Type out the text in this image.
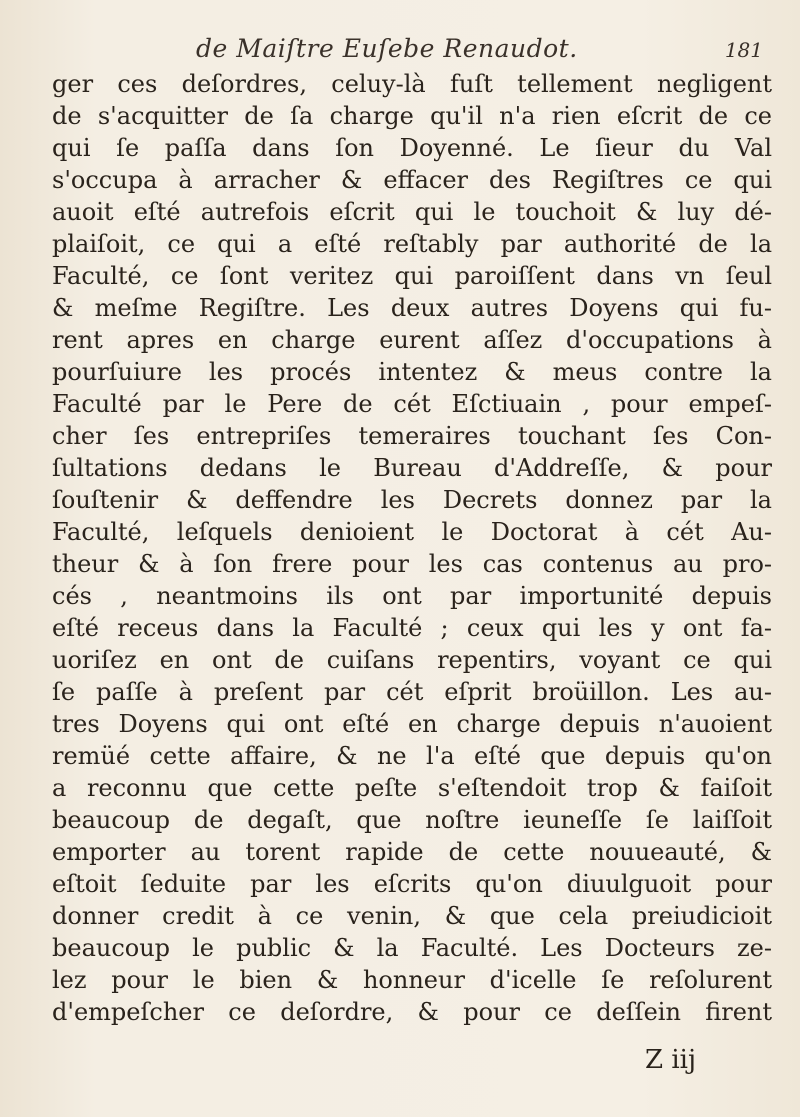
de Maiſtre Euſebe Renaudot.	181
ger ces deſordres, celuy-là fuſt tellement negligent
de s'acquitter de ſa charge qu'il n'a rien eſcrit de ce
qui ſe paſſa dans ſon Doyenné. Le ſieur du Val
s'occupa à arracher & effacer des Regiſtres ce qui
auoit eſté autrefois eſcrit qui le touchoit & luy dé-
plaiſoit, ce qui a eſté reſtably par authorité de la
Faculté, ce ſont veritez qui paroiſſent dans vn ſeul
& meſme Regiſtre. Les deux autres Doyens qui fu-
rent apres en charge eurent aſſez d'occupations à
pourſuiure les procés intentez & meus contre la
Faculté par le Pere de cét Eſctiuain , pour empeſ-
cher ſes entrepriſes temeraires touchant ſes Con-
ſultations dedans le Bureau d'Addreſſe, & pour
ſouſtenir & deffendre les Decrets donnez par la
Faculté, leſquels denioient le Doctorat à cét Au-
theur & à ſon frere pour les cas contenus au pro-
cés , neantmoins ils ont par importunité depuis
eſté receus dans la Faculté ; ceux qui les y ont fa-
uoriſez en ont de cuiſans repentirs, voyant ce qui
ſe paſſe à preſent par cét eſprit broüillon. Les au-
tres Doyens qui ont eſté en charge depuis n'auoient
remüé cette affaire, & ne l'a eſté que depuis qu'on
a reconnu que cette peſte s'eſtendoit trop & faiſoit
beaucoup de degaſt, que noſtre ieuneſſe ſe laiſſoit
emporter au torent rapide de cette nouueauté, &
eſtoit ſeduite par les eſcrits qu'on diuulguoit pour
donner credit à ce venin, & que cela preiudicioit
beaucoup le public & la Faculté. Les Docteurs ze-
lez pour le bien & honneur d'icelle ſe reſolurent
d'empeſcher ce deſordre, & pour ce deſſein firent
Z iij
